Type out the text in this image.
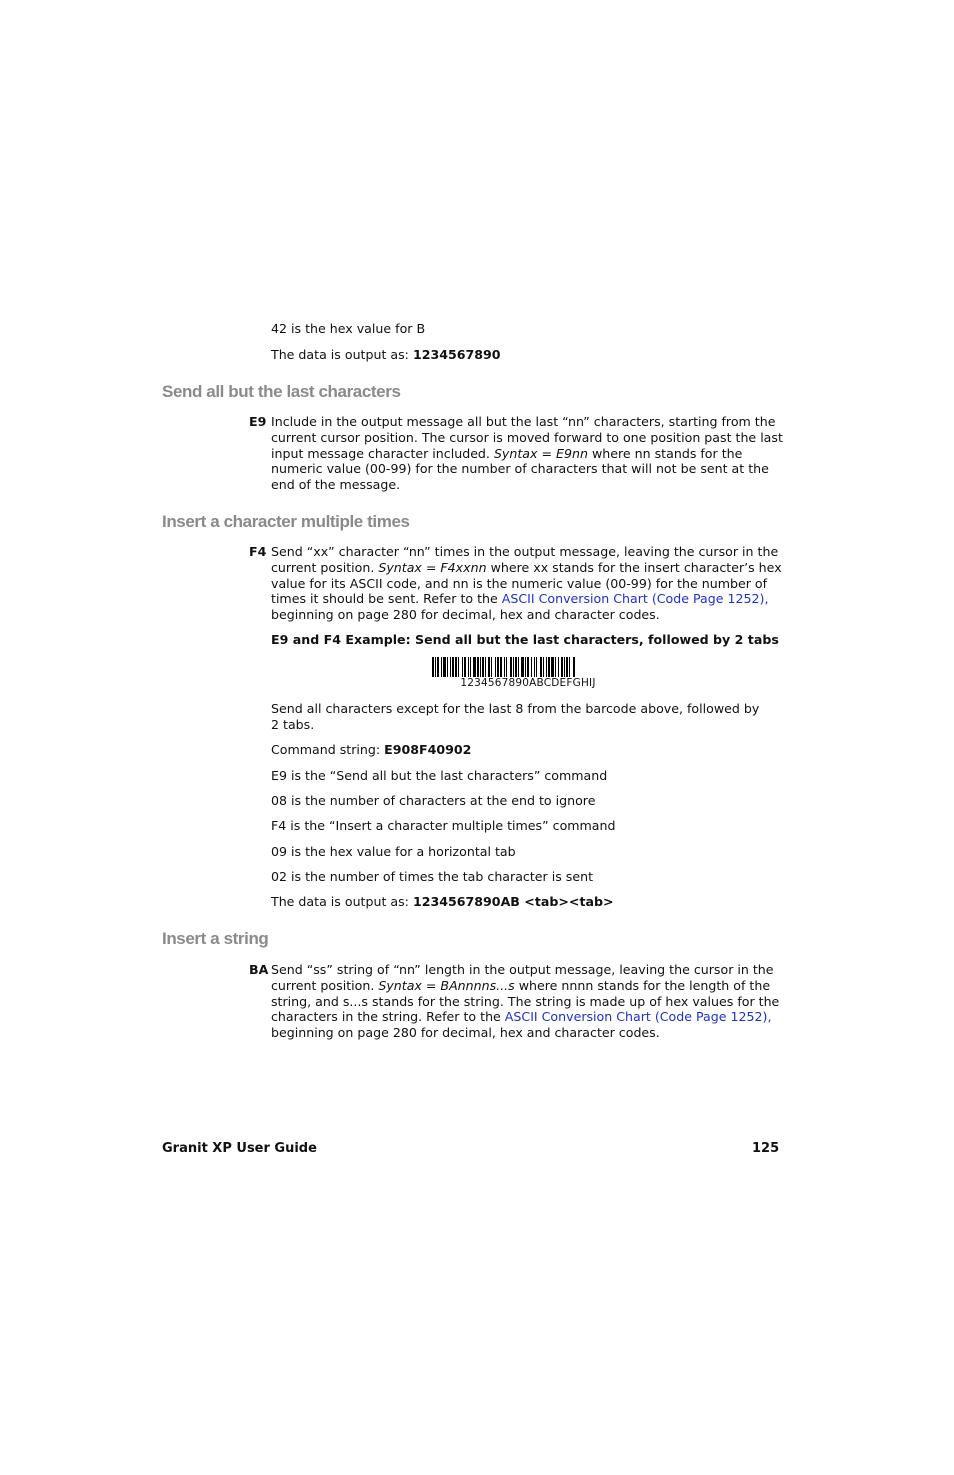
42 is the hex value for B

The data is output as: 1234567890

Send all but the last characters
E9 Include in the output message all but the last “nn” characters, starting from the current cursor position. The cursor is moved forward to one position past the last input message character included. Syntax = E9nn where nn stands for the numeric value (00-99) for the number of characters that will not be sent at the end of the message.

Insert a character multiple times
F4 Send “xx” character “nn” times in the output message, leaving the cursor in the current position. Syntax = F4xxnn where xx stands for the insert character’s hex value for its ASCII code, and nn is the numeric value (00-99) for the number of times it should be sent. Refer to the ASCII Conversion Chart (Code Page 1252), beginning on page 280 for decimal, hex and character codes.

E9 and F4 Example: Send all but the last characters, followed by 2 tabs

1234567890ABCDEFGHIJ

Send all characters except for the last 8 from the barcode above, followed by 2 tabs.

Command string: E908F40902

E9 is the “Send all but the last characters” command

08 is the number of characters at the end to ignore

F4 is the “Insert a character multiple times” command

09 is the hex value for a horizontal tab

02 is the number of times the tab character is sent

The data is output as: 1234567890AB <tab><tab>

Insert a string
BA Send “ss” string of “nn” length in the output message, leaving the cursor in the current position. Syntax = BAnnnns...s where nnnn stands for the length of the string, and s...s stands for the string. The string is made up of hex values for the characters in the string. Refer to the ASCII Conversion Chart (Code Page 1252), beginning on page 280 for decimal, hex and character codes.

Granit XP User Guide	125
